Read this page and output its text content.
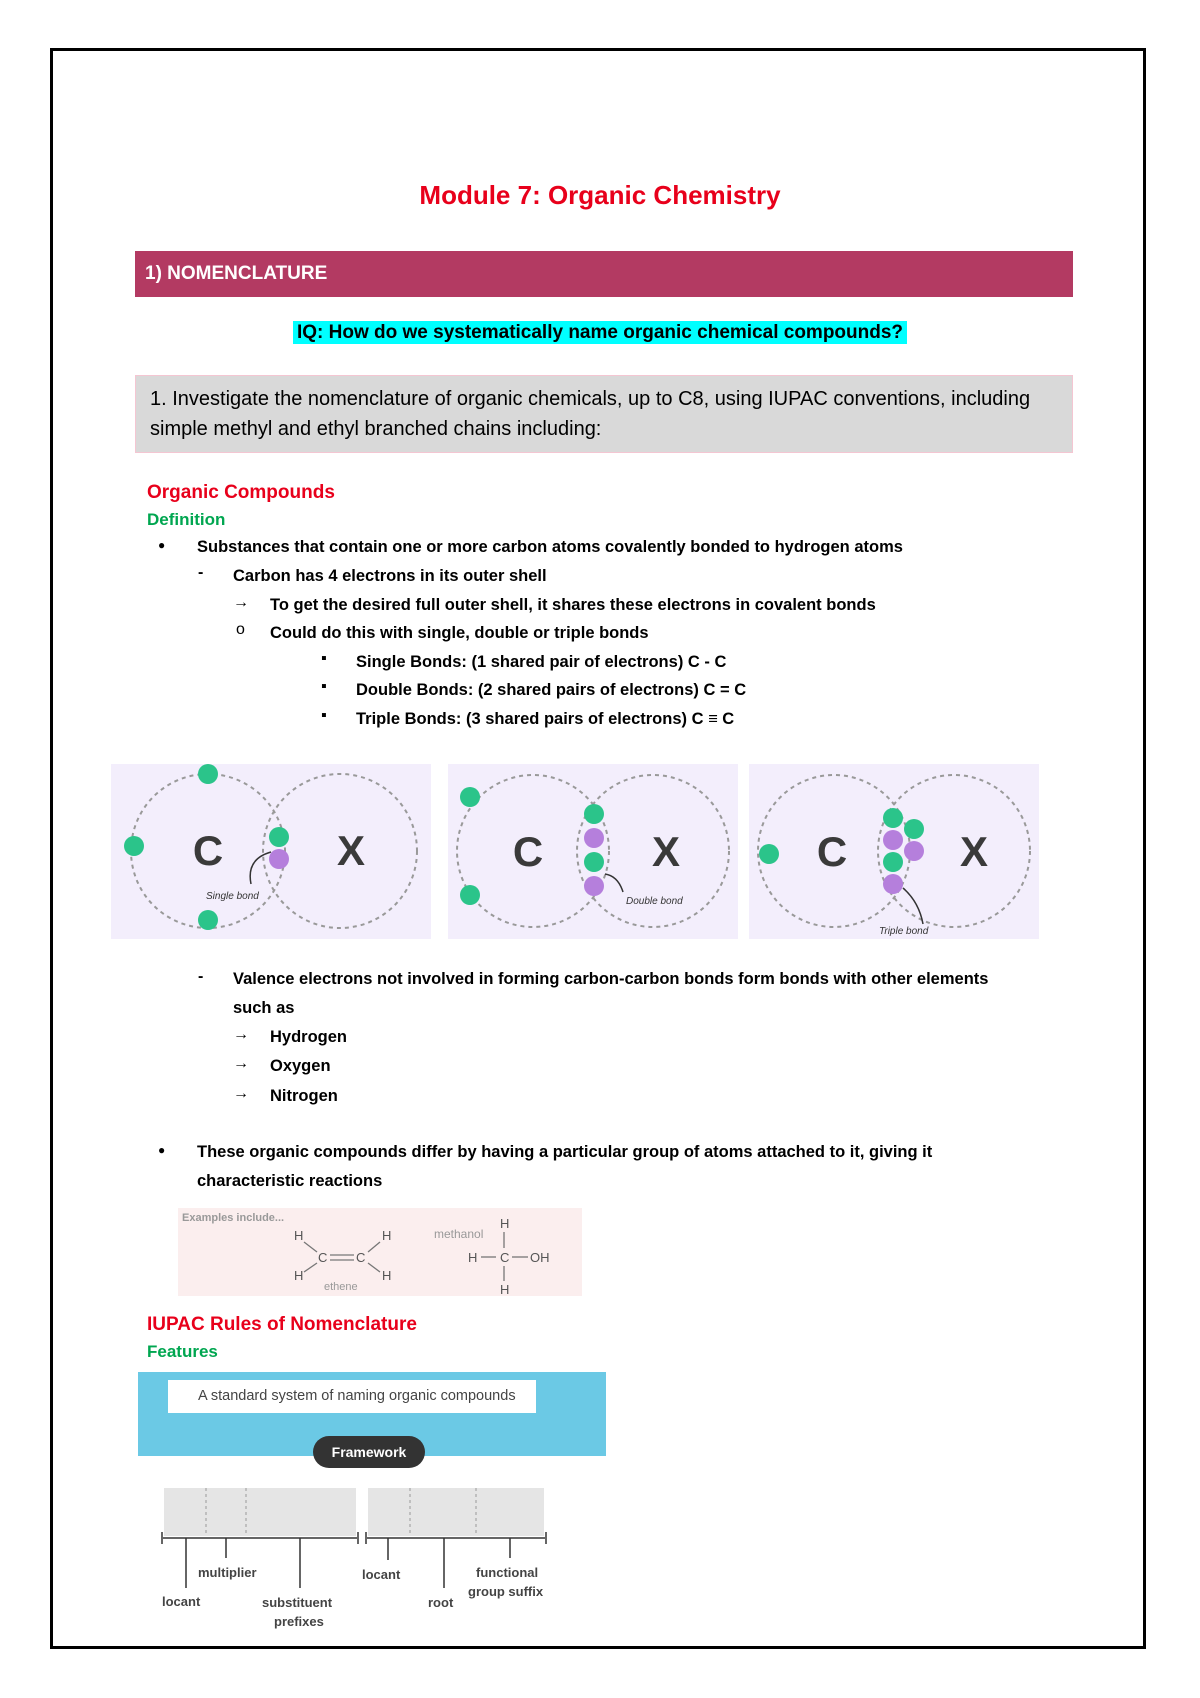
Module 7: Organic Chemistry
1) NOMENCLATURE
IQ: How do we systematically name organic chemical compounds?
1. Investigate the nomenclature of organic chemicals, up to C8, using IUPAC conventions, including
simple methyl and ethyl branched chains including:
Organic Compounds
Definition
● Substances that contain one or more carbon atoms covalently bonded to hydrogen atoms
- Carbon has 4 electrons in its outer shell
→ To get the desired full outer shell, it shares these electrons in covalent bonds
o Could do this with single, double or triple bonds
▪ Single Bonds: (1 shared pair of electrons) C - C
▪ Double Bonds: (2 shared pairs of electrons) C = C
▪ Triple Bonds: (3 shared pairs of electrons) C ≡ C
C	X
Single bond
C	X
Double bond
C	X
Triple bond
- Valence electrons not involved in forming carbon-carbon bonds form bonds with other elements
such as
→ Hydrogen
→ Oxygen
→ Nitrogen
● These organic compounds differ by having a particular group of atoms attached to it, giving it
characteristic reactions
Examples include...
H
H
H
H
C C
ethene
methanol
H
H C OH
H
IUPAC Rules of Nomenclature
Features
A standard system of naming organic compounds
Framework
locant
multiplier
substituent
prefixes
locant
root
functional
group suffix
